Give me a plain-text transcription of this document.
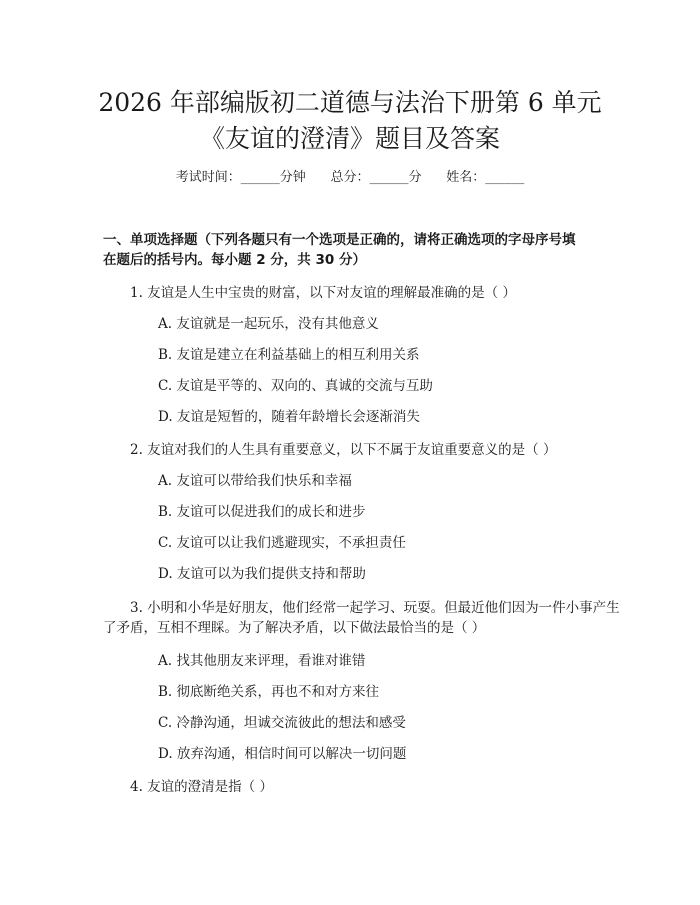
2026 年部编版初二道德与法治下册第 6 单元
《友谊的澄清》题目及答案
考试时间：______分钟      总分：______分      姓名：______
一、单项选择题（下列各题只有一个选项是正确的，请将正确选项的字母序号填
在题后的括号内。每小题 2 分，共 30 分）
1. 友谊是人生中宝贵的财富，以下对友谊的理解最准确的是（ ）
A. 友谊就是一起玩乐，没有其他意义
B. 友谊是建立在利益基础上的相互利用关系
C. 友谊是平等的、双向的、真诚的交流与互助
D. 友谊是短暂的，随着年龄增长会逐渐消失
2. 友谊对我们的人生具有重要意义，以下不属于友谊重要意义的是（ ）
A. 友谊可以带给我们快乐和幸福
B. 友谊可以促进我们的成长和进步
C. 友谊可以让我们逃避现实，不承担责任
D. 友谊可以为我们提供支持和帮助
3. 小明和小华是好朋友，他们经常一起学习、玩耍。但最近他们因为一件小事产生了矛盾，互相不理睬。为了解决矛盾，以下做法最恰当的是（ ）
A. 找其他朋友来评理，看谁对谁错
B. 彻底断绝关系，再也不和对方来往
C. 冷静沟通，坦诚交流彼此的想法和感受
D. 放弃沟通，相信时间可以解决一切问题
4. 友谊的澄清是指（ ）
